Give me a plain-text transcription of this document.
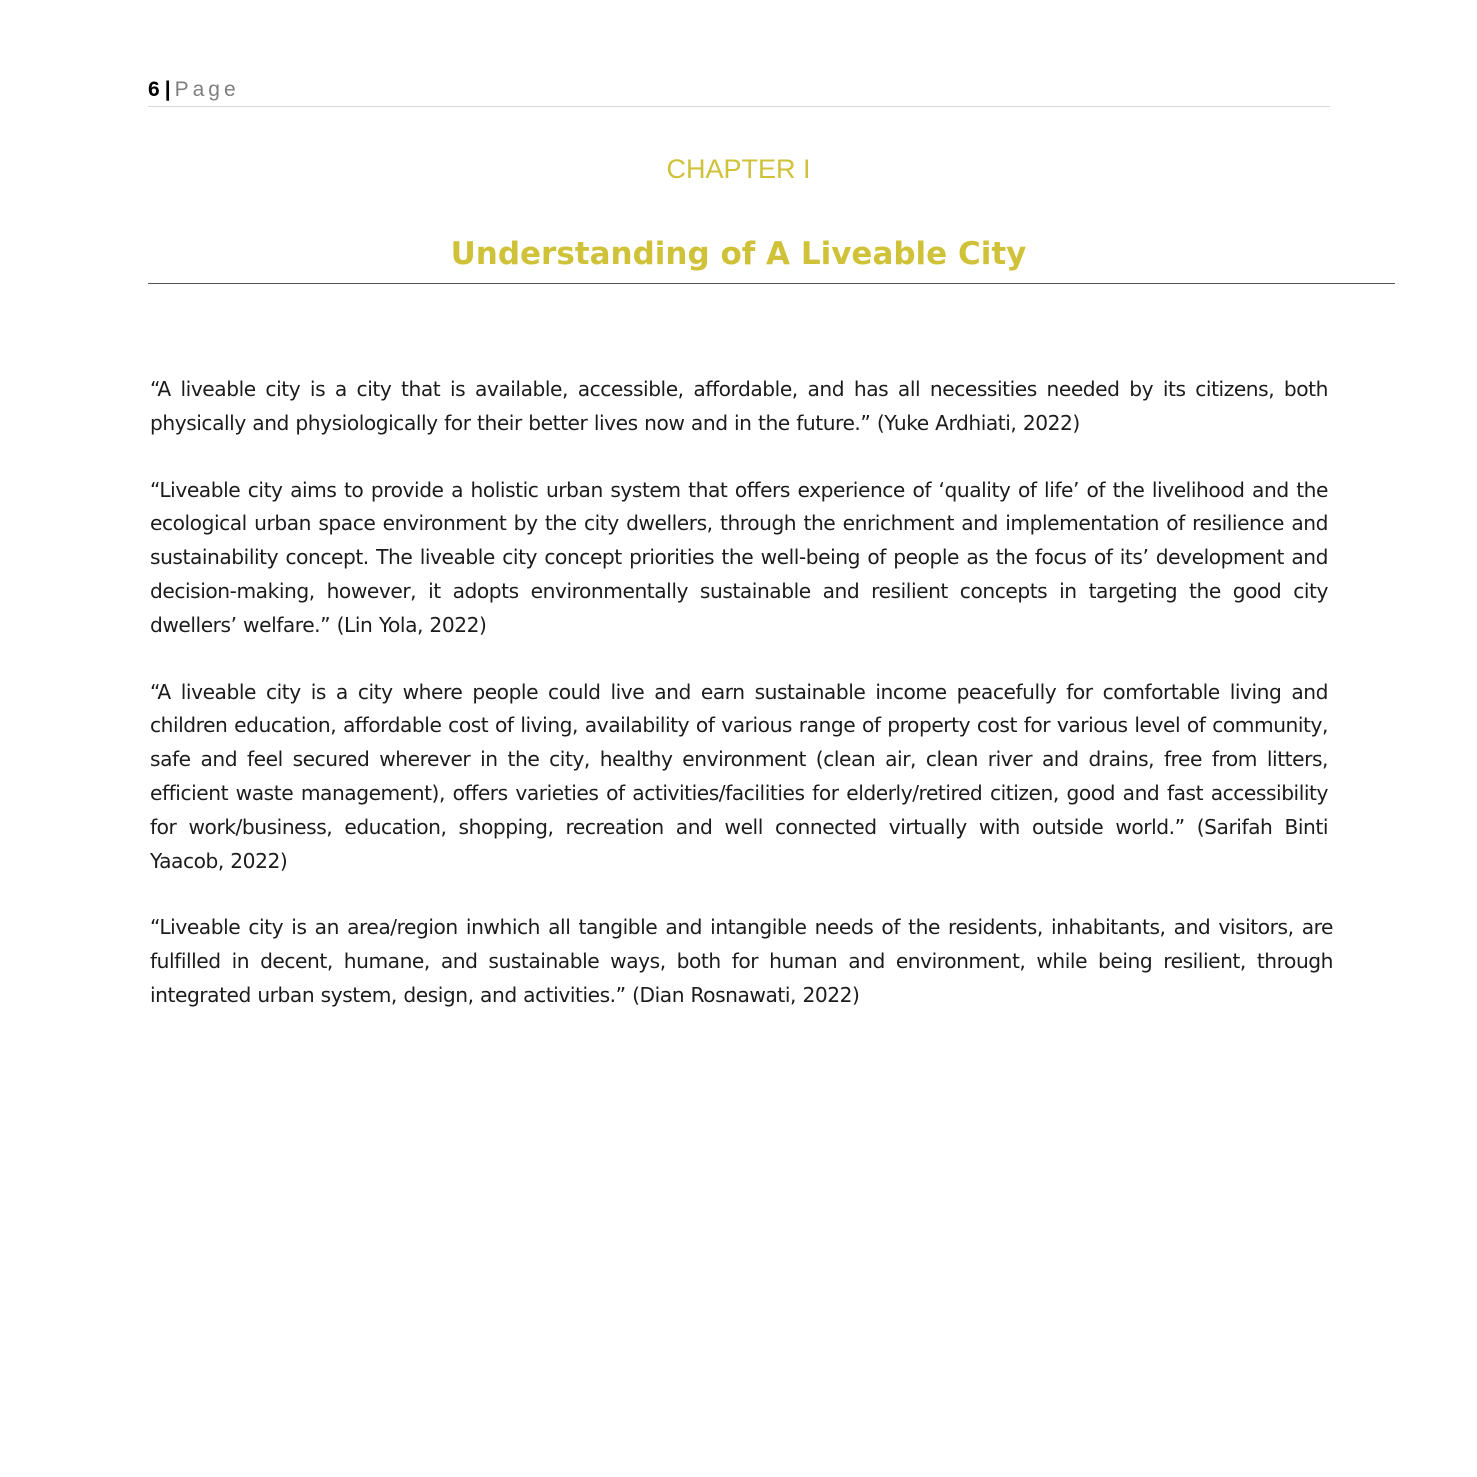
6 | Page
CHAPTER I
Understanding of A Liveable City

“A liveable city is a city that is available, accessible, affordable, and has all necessities needed by its citizens, both physically and physiologically for their better lives now and in the future.” (Yuke Ardhiati, 2022)

“Liveable city aims to provide a holistic urban system that offers experience of ‘quality of life’ of the livelihood and the ecological urban space environment by the city dwellers, through the enrichment and implementation of resilience and sustainability concept. The liveable city concept priorities the well-being of people as the focus of its’ development and decision-making, however, it adopts environmentally sustainable and resilient concepts in targeting the good city dwellers’ welfare.” (Lin Yola, 2022)

“A liveable city is a city where people could live and earn sustainable income peacefully for comfortable living and children education, affordable cost of living, availability of various range of property cost for various level of community, safe and feel secured wherever in the city, healthy environment (clean air, clean river and drains, free from litters, efficient waste management), offers varieties of activities/facilities for elderly/retired citizen, good and fast accessibility for work/business, education, shopping, recreation and well connected virtually with outside world.” (Sarifah Binti Yaacob, 2022)

“Liveable city is an area/region inwhich all tangible and intangible needs of the residents, inhabitants, and visitors, are fulfilled in decent, humane, and sustainable ways, both for human and environment, while being resilient, through integrated urban system, design, and activities.” (Dian Rosnawati, 2022)
